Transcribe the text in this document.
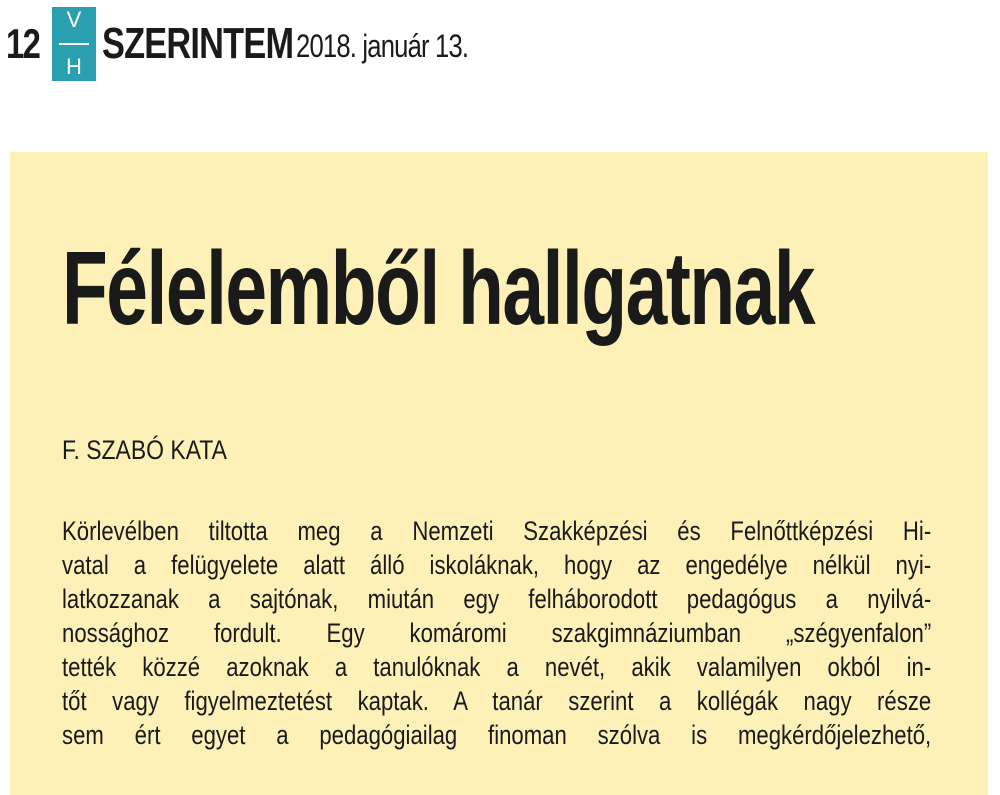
12
V
H SZERINTEM 2018. január 13.
Félelemből hallgatnak
F. SZABÓ KATA
Körlevélben tiltotta meg a Nemzeti Szakképzési és Felnőttképzési Hi-
vatal a felügyelete alatt álló iskoláknak, hogy az engedélye nélkül nyi-
latkozzanak a sajtónak, miután egy felháborodott pedagógus a nyilvá-
nossághoz fordult. Egy komáromi szakgimnáziumban „szégyenfalon”
tették közzé azoknak a tanulóknak a nevét, akik valamilyen okból in-
tőt vagy figyelmeztetést kaptak. A tanár szerint a kollégák nagy része
sem ért egyet a pedagógiailag finoman szólva is megkérdőjelezhető,
